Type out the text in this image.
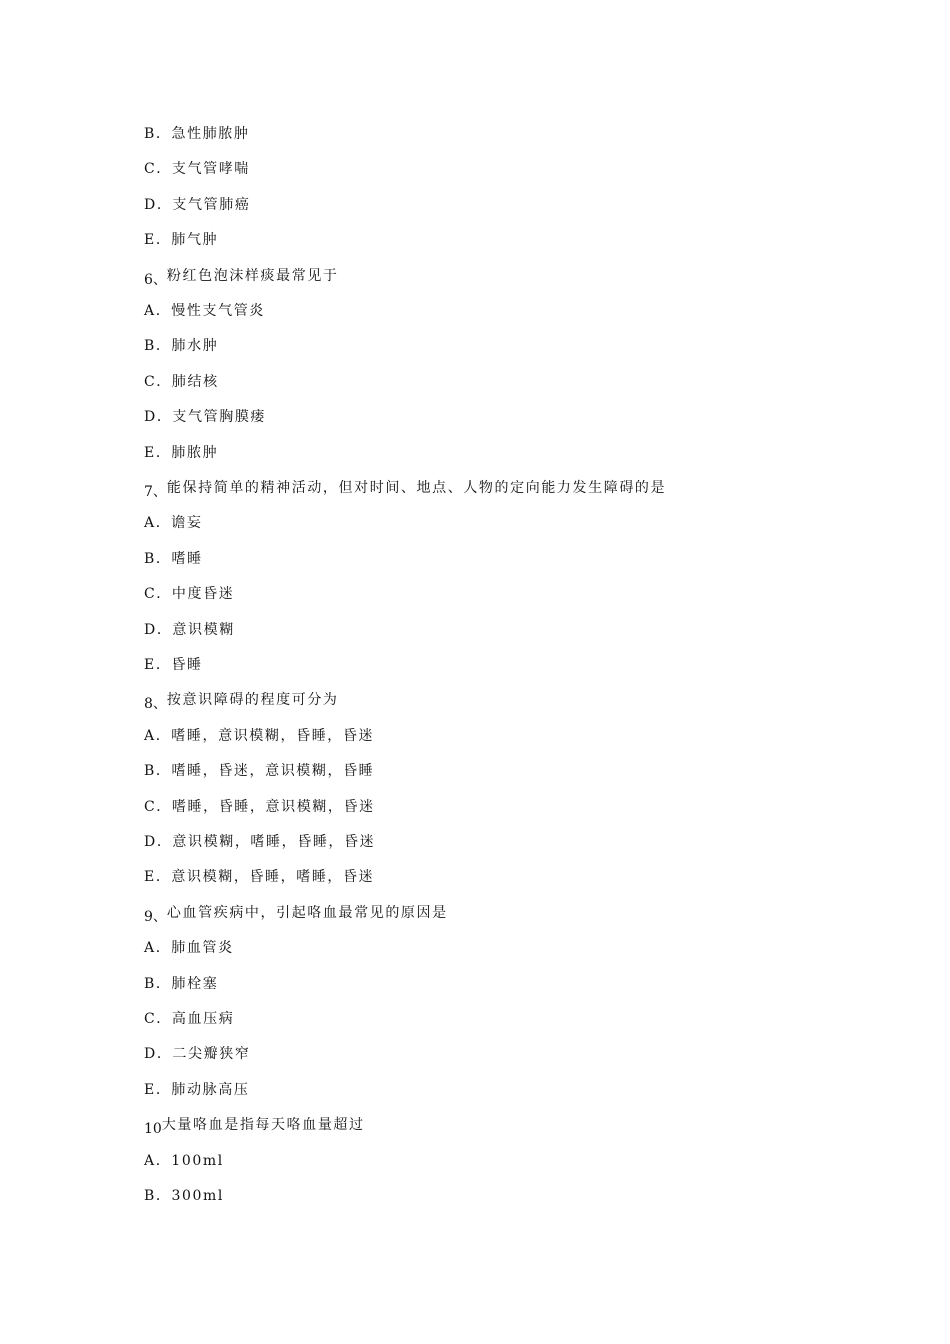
B．急性肺脓肿
C．支气管哮喘
D．支气管肺癌
E．肺气肿
6、粉红色泡沫样痰最常见于
A．慢性支气管炎
B．肺水肿
C．肺结核
D．支气管胸膜瘘
E．肺脓肿
7、能保持简单的精神活动，但对时间、地点、人物的定向能力发生障碍的是
A．谵妄
B．嗜睡
C．中度昏迷
D．意识模糊
E．昏睡
8、按意识障碍的程度可分为
A．嗜睡，意识模糊，昏睡，昏迷
B．嗜睡，昏迷，意识模糊，昏睡
C．嗜睡，昏睡，意识模糊，昏迷
D．意识模糊，嗜睡，昏睡，昏迷
E．意识模糊，昏睡，嗜睡，昏迷
9、心血管疾病中，引起咯血最常见的原因是
A．肺血管炎
B．肺栓塞
C．高血压病
D．二尖瓣狭窄
E．肺动脉高压
10大量咯血是指每天咯血量超过
A．100ml
B．300ml
